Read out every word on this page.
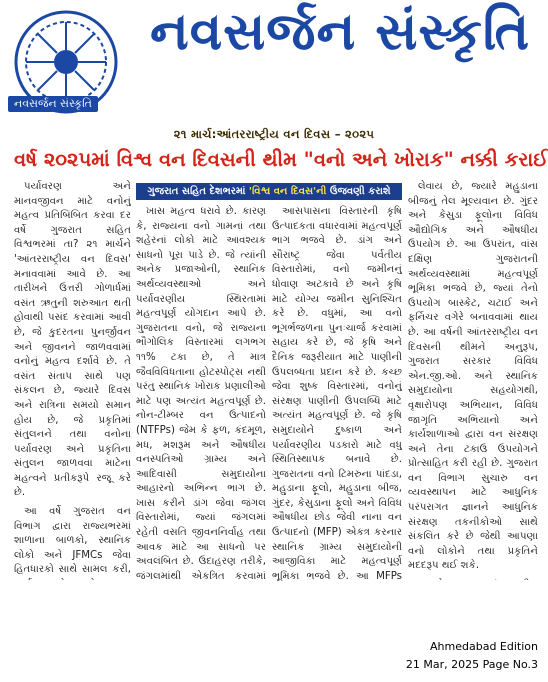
નવસર્જન સંસ્કૃતિ
નવસર્જન સંસ્કૃતિ
૨૧ માર્ચ:આંતરરાષ્ટ્રીય વન દિવસ – ૨૦૨૫
વર્ષ ૨૦૨૫માં વિશ્વ વન દિવસની થીમ "વનો અને ખોરાક" નક્કી કરાઈ

પર્યાવરણ અને માનવજીવન માટે વનોનું મહત્વ પ્રતિબિંબિત કરવા દર વર્ષે ગુજરાત સહિત વિશ્વભરમાં તા? ૨૧ માર્ચને 'આંતરરાષ્ટ્રીય વન દિવસ' મનાવવામાં આવે છે. આ તારીખને ઉત્તરી ગોળાર્ધમાં વસંત ઋતુની શરુઆત થતી હોવાથી પસંદ કરવામાં આવી છે, જે કુદરતના પુનર્જીવન અને જીવનને જાળવવામાં વનોનું મહત્વ દર્શાવે છે. તે વસંત સંતાપ સાથે પણ સંકલન છે, જ્યારે દિવસ અને રાત્રિના સમયો સમાન હોય છે, જે પ્રકૃતિમાં સંતુલનને તથા વનોના પર્યાવરણ અને પ્રકૃતિના સંતુલન જાળવવા માટેના મહત્વને પ્રતીકરૂપે રજૂ કરે છે.

આ વર્ષે ગુજરાત વન વિભાગ દ્વારા રાજ્યભરમાં શાળાના બાળકો, સ્થાનિક લોકો અને JFMCs જેવા હિતધારકો સાથે સામલ કરી,

ગુજરાત સહિત દેશભરમાં 'વિશ્વ વન દિવસ'ની ઉજવણી કરાશે

ખાસ મહત્વ ધરાવે છે. કારણ કે, રાજ્યના વનો ગામનાં તથા શહેરનાં લોકો માટે આવશ્યક સાધનો પૂરા પાડે છે. જે ત્યાંની અનેક પ્રજાઓની, સ્થાનિક અર્થવ્યવસ્થાઓ અને પર્યાવરણીય સ્થિરતામાં મહત્વપૂર્ણ યોગદાન આપે છે. ગુજરાતના વનો, જે રાજ્યના ભૌગોલિક વિસ્તારમાં લગભગ ૧૧% ટકા છે, તે માત્ર જૈવવિવિધતાના હોટસ્પોટ્સ નથી પરંતુ સ્થાનિક ખોરાક પ્રણાલીઓ માટે પણ અત્યંત મહત્વપૂર્ણ છે. નોન-ટીમ્બર વન ઉત્પાદનો (NTFPs) જેમ કે ફળ, કંદમૂળ, મધ, મશરૂમ અને ઔષધીય વનસ્પતિઓ ગ્રામ્ય અને આદિવાસી સમુદાયોના આહારનો અભિન્ન ભાગ છે. ખાસ કરીને ડાંગ જેવા જંગલ વિસ્તારોમાં, જ્યાં જંગલમાં રહેતી વસતિ જીવનનિર્વાહ તથા આવક માટે આ સાધનો પર અવલંબિત છે. ઉદાહરણ તરીકે, જંગલમાંથી એકત્રિત કરવામાં

આસપાસના વિસ્તારની કૃષિ ઉત્પાદકતા વધારવામાં મહત્વપૂર્ણ ભાગ ભજવે છે. ડાંગ અને સૌરાષ્ટ્ર જેવા પર્વતીય વિસ્તારોમાં, વનો જમીનનું ધોવાણ અટકાવે છે અને કૃષિ માટે યોગ્ય જમીન સુનિશ્ચિત કરે છે. વધુમાં, આ વનો ભૂગર્ભજળના પુનઃચાર્જ કરવામાં સહાય કરે છે, જે કૃષિ અને દૈનિક જરૂરીયાત માટે પાણીની ઉપલબ્ધતા પ્રદાન કરે છે. કચ્છ જેવા શુષ્ક વિસ્તારમાં, વનોનું સંરક્ષણ પાણીની ઉપલબ્ધિ માટે અત્યંત મહત્વપૂર્ણ છે. જે કૃષિ સમુદાયોને દુષ્કાળ અને પર્યાવરણીય પડકારો માટે વધુ સ્થિતિસ્થાપક બનાવે છે. ગુજરાતના વનો ટિમરુના પાંદડા, મહુડાના ફૂલો, મહુડાના બીજ, ગુંદર, કેસુડાના ફૂલો અને વિવિધ ઔષધીય છોડ જેવી નાના વન ઉત્પાદનો (MFP) એકત્ર કરનાર સ્થાનિક ગ્રામ્ય સમુદાયોની આજીવિકા માટે મહત્વપૂર્ણ ભૂમિકા ભજવે છે. આ MFPs

લેવાય છે, જ્યારે મહુડાના બીજનું તેલ મૂલ્યવાન છે. ગુંદર અને કેસુડા ફૂલોના વિવિધ ઔદ્યોગિક અને ઔષધીય ઉપયોગ છે. આ ઉપરાંત, વાંસ દક્ષિણ ગુજરાતની અર્થવ્યવસ્થામાં મહત્વપૂર્ણ ભૂમિકા ભજવે છે, જ્યાં તેનો ઉપયોગ બાસ્કેટ, ચટાઈ અને ફર્નિચર વગેરે બનાવવામાં થાય છે. આ વર્ષની આંતરરાષ્ટ્રીય વન દિવસની થીમને અનુરૂપ, ગુજરાત સરકાર વિવિધ એન.જી.ઓ. અને સ્થાનિક સમુદાયોના સહયોગથી, વૃક્ષારોપણ અભિયાન, વિવિધ જાગૃતિ અભિયાનો અને કાર્યશાળાઓ દ્વારા વન સંરક્ષણ અને તેના ટકાઉ ઉપયોગને પ્રોત્સાહિત કરી રહી છે. ગુજરાત વન વિભાગ સુચારુ વન વ્યવસ્થાપન માટે આધુનિક પરંપરાગત જ્ઞાનને આધુનિક સંરક્ષણ તકનીકોઓ સાથે સંકલિત કરે છે જેથી આપણા વનો લોકોને તથા પ્રકૃતિને મદદરૂપ થઈ શકે.

Ahmedabad Edition
21 Mar, 2025 Page No.3
